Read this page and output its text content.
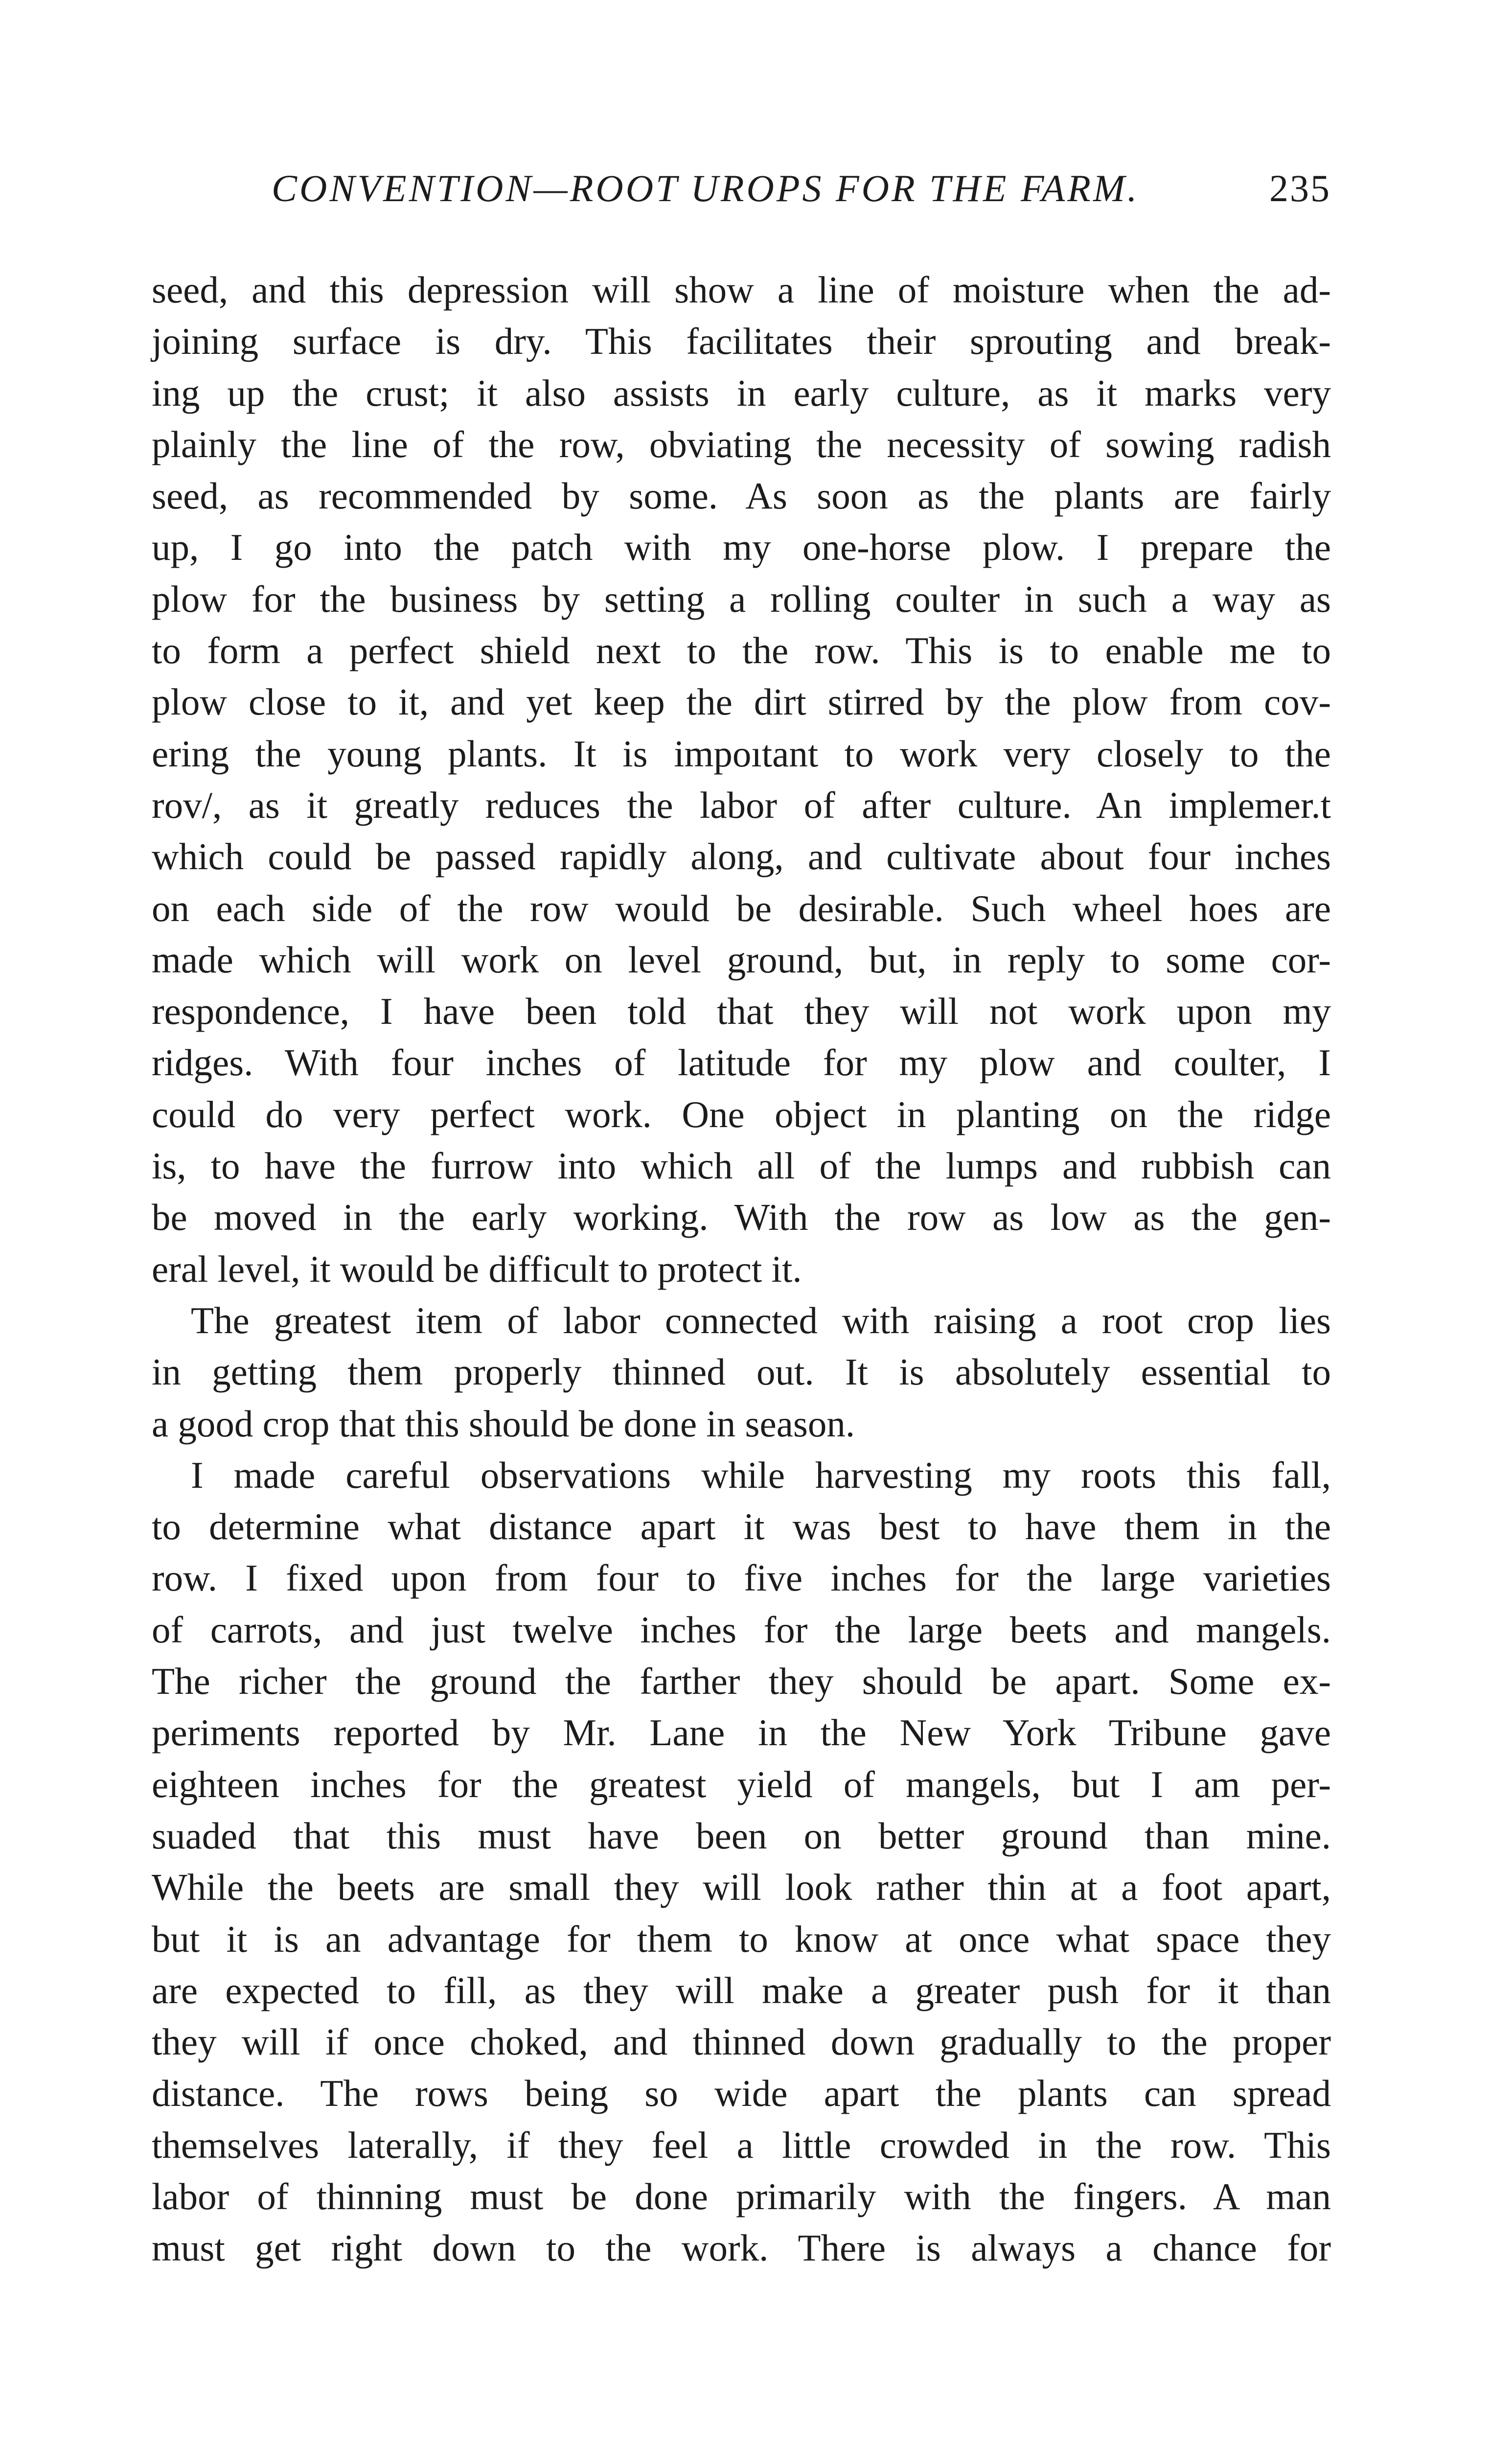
CONVENTION—ROOT UROPS FOR THE FARM.	235
seed, and this depression will show a line of moisture when the ad-
joining surface is dry. This facilitates their sprouting and break-
ing up the crust; it also assists in early culture, as it marks very
plainly the line of the row, obviating the necessity of sowing radish
seed, as recommended by some. As soon as the plants are fairly
up, I go into the patch with my one-horse plow. I prepare the
plow for the business by setting a rolling coulter in such a way as
to form a perfect shield next to the row. This is to enable me to
plow close to it, and yet keep the dirt stirred by the plow from cov-
ering the young plants. It is impoıtant to work very closely to the
rov/, as it greatly reduces the labor of after culture. An implemer.t
which could be passed rapidly along, and cultivate about four inches
on each side of the row would be desirable. Such wheel hoes are
made which will work on level ground, but, in reply to some cor-
respondence, I have been told that they will not work upon my
ridges. With four inches of latitude for my plow and coulter, I
could do very perfect work. One object in planting on the ridge
is, to have the furrow into which all of the lumps and rubbish can
be moved in the early working. With the row as low as the gen-
eral level, it would be difficult to protect it.
The greatest item of labor connected with raising a root crop lies
in getting them properly thinned out. It is absolutely essential to
a good crop that this should be done in season.
I made careful observations while harvesting my roots this fall,
to determine what distance apart it was best to have them in the
row. I fixed upon from four to five inches for the large varieties
of carrots, and just twelve inches for the large beets and mangels.
The richer the ground the farther they should be apart. Some ex-
periments reported by Mr. Lane in the New York Tribune gave
eighteen inches for the greatest yield of mangels, but I am per-
suaded that this must have been on better ground than mine.
While the beets are small they will look rather thin at a foot apart,
but it is an advantage for them to know at once what space they
are expected to fill, as they will make a greater push for it than
they will if once choked, and thinned down gradually to the proper
distance. The rows being so wide apart the plants can spread
themselves laterally, if they feel a little crowded in the row. This
labor of thinning must be done primarily with the fingers. A man
must get right down to the work. There is always a chance for
